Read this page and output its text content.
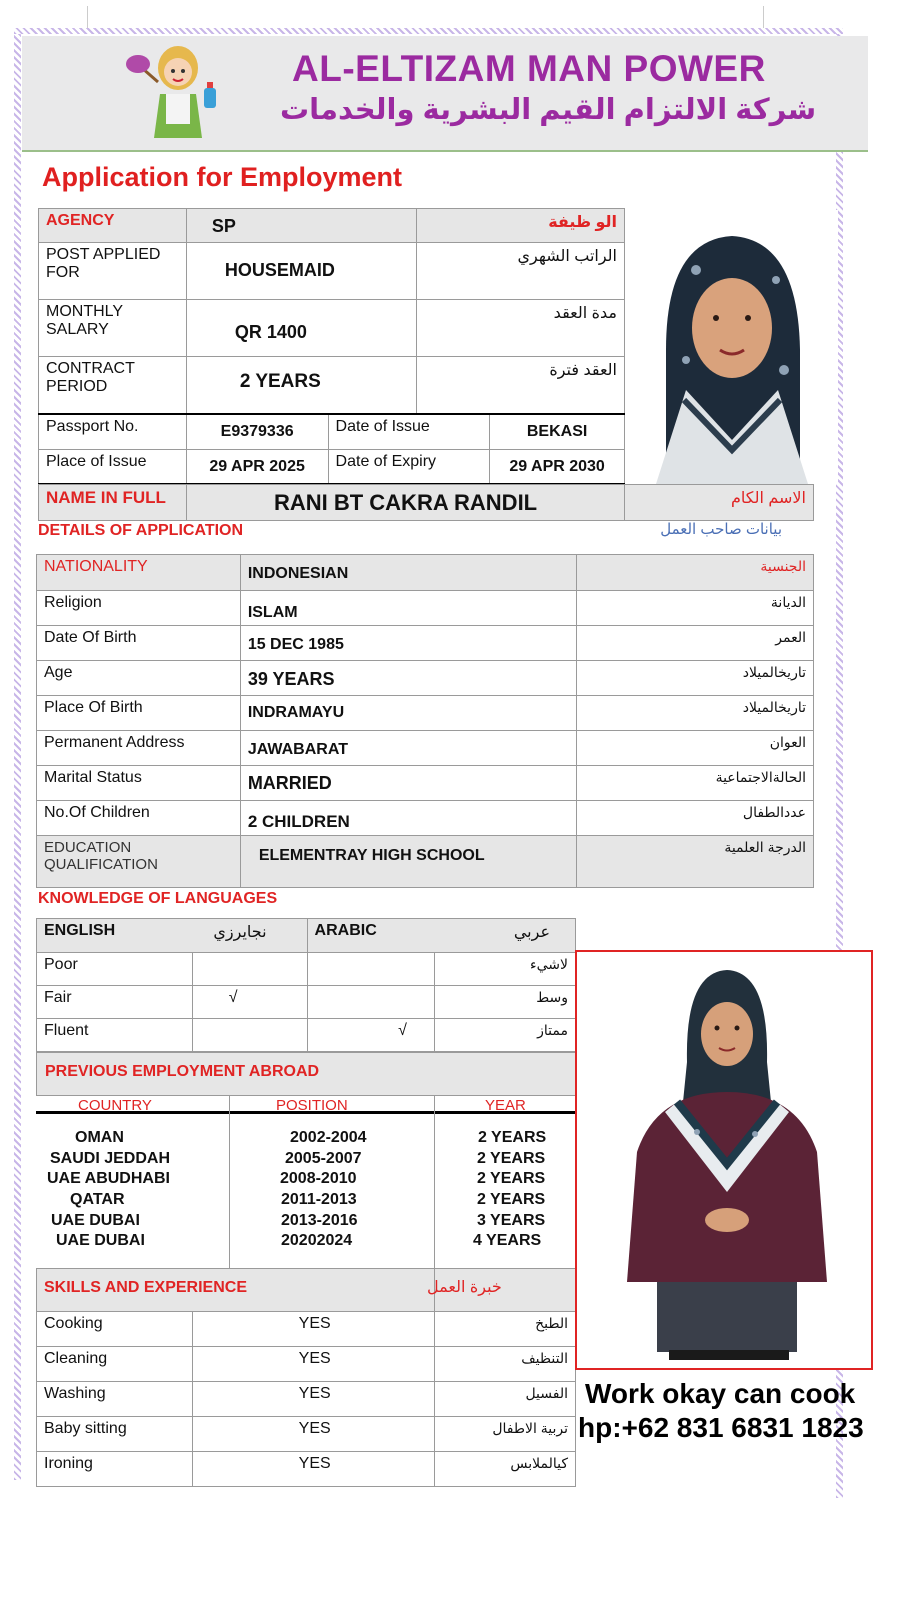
AL-ELTIZAM MAN POWER
شركة الالتزام القيم البشرية والخدمات
Application for Employment
AGENCY	SP	الو ظيفة
POST APPLIED FOR	HOUSEMAID	الراتب الشهري
MONTHLY SALARY	QR 1400	مدة العقد
CONTRACT PERIOD	2 YEARS	العقد فترة
Passport No.	E9379336	Date of Issue	BEKASI
Place of Issue	29 APR 2025	Date of Expiry	29 APR 2030
NAME IN FULL	RANI BT CAKRA RANDIL	الاسم الكام
DETAILS OF APPLICATION	بيانات صاحب العمل
NATIONALITY	INDONESIAN	الجنسية
Religion	ISLAM	الديانة
Date Of Birth	15 DEC 1985	العمر
Age	39 YEARS	تاريخالميلاد
Place Of Birth	INDRAMAYU	تاريخالميلاد
Permanent Address	JAWABARAT	العوان
Marital Status	MARRIED	الحالةالاجتماعية
No.Of Children	2 CHILDREN	عددالطفال
EDUCATION QUALIFICATION	ELEMENTRAY HIGH SCHOOL	الدرجة العلمية
KNOWLEDGE OF LANGUAGES
ENGLISH نجايرزي		ARABIC عربي	

Poor			لاشيء
Fair	√		وسط
Fluent		√	ممتاز
PREVIOUS EMPLOYMENT ABROAD
COUNTRY	POSITION	YEAR
OMAN	2002-2004	2 YEARS
SAUDI JEDDAH	2005-2007	2 YEARS
UAE ABUDHABI	2008-2010	2 YEARS
QATAR	2011-2013	2 YEARS
UAE DUBAI	2013-2016	3 YEARS
UAE DUBAI	20202024	4 YEARS
SKILLS AND EXPERIENCE خبرة العمل		

Cooking	YES	الطبخ
Cleaning	YES	التنظيف
Washing	YES	الفسيل
Baby sitting	YES	تربية الاطفال
Ironing	YES	كيالملابس
Work okay can cook
hp:+62 831 6831 1823
